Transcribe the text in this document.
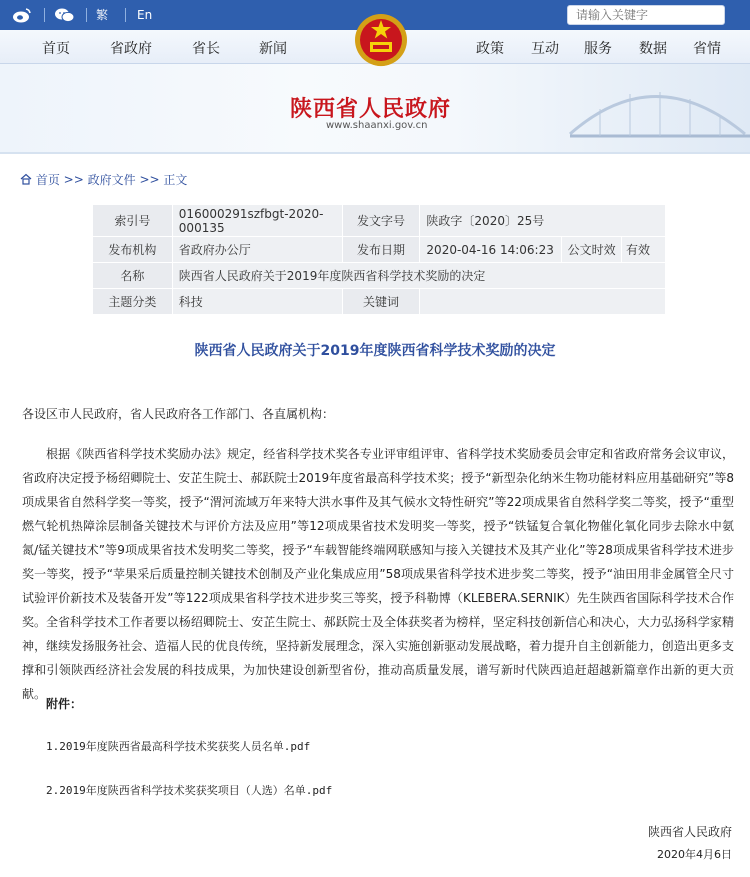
繁 En
请输入关键字
首页	省政府	省长	新闻	政策 互动 服务 数据 省情
陕西省人民政府
www.shaanxi.gov.cn
首页 >> 政府文件 >> 正文
索引号	016000291szfbgt-2020-000135	发文字号	陕政字〔2020〕25号		
发布机构	省政府办公厅	发布日期	2020-04-16 14:06:23	公文时效	有效
名称	陕西省人民政府关于2019年度陕西省科学技术奖励的决定				
主题分类	科技	关键词			
陕西省人民政府关于2019年度陕西省科学技术奖励的决定
各设区市人民政府，省人民政府各工作部门、各直属机构：
根据《陕西省科学技术奖励办法》规定，经省科学技术奖各专业评审组评审、省科学技术奖励委员会审定和省政府常务会议审议，省政府决定授予杨绍卿院士、安芷生院士、郝跃院士2019年度省最高科学技术奖；授予“新型杂化纳米生物功能材料应用基础研究”等8项成果省自然科学奖一等奖，授予“渭河流域万年来特大洪水事件及其气候水文特性研究”等22项成果省自然科学奖二等奖，授予“重型燃气轮机热障涂层制备关键技术与评价方法及应用”等12项成果省技术发明奖一等奖，授予“铁锰复合氧化物催化氧化同步去除水中氨氮/锰关键技术”等9项成果省技术发明奖二等奖，授予“车载智能终端网联感知与接入关键技术及其产业化”等28项成果省科学技术进步奖一等奖，授予“苹果采后质量控制关键技术创制及产业化集成应用”58项成果省科学技术进步奖二等奖，授予“油田用非金属管全尺寸试验评价新技术及装备开发”等122项成果省科学技术进步奖三等奖，授予科勒博（KLEBERA.SERNIK）先生陕西省国际科学技术合作奖。 全省科学技术工作者要以杨绍卿院士、安芷生院士、郝跃院士及全体获奖者为榜样，坚定科技创新信心和决心，大力弘扬科学家精神，继续发扬服务社会、造福人民的优良传统，坚持新发展理念，深入实施创新驱动发展战略，着力提升自主创新能力，创造出更多支撑和引领陕西经济社会发展的科技成果，为加快建设创新型省份，推动高质量发展，谱写新时代陕西追赶超越新篇章作出新的更大贡献。
附件：
1.2019年度陕西省最高科学技术奖获奖人员名单.pdf
2.2019年度陕西省科学技术奖获奖项目（人选）名单.pdf
陕西省人民政府
2020年4月6日
